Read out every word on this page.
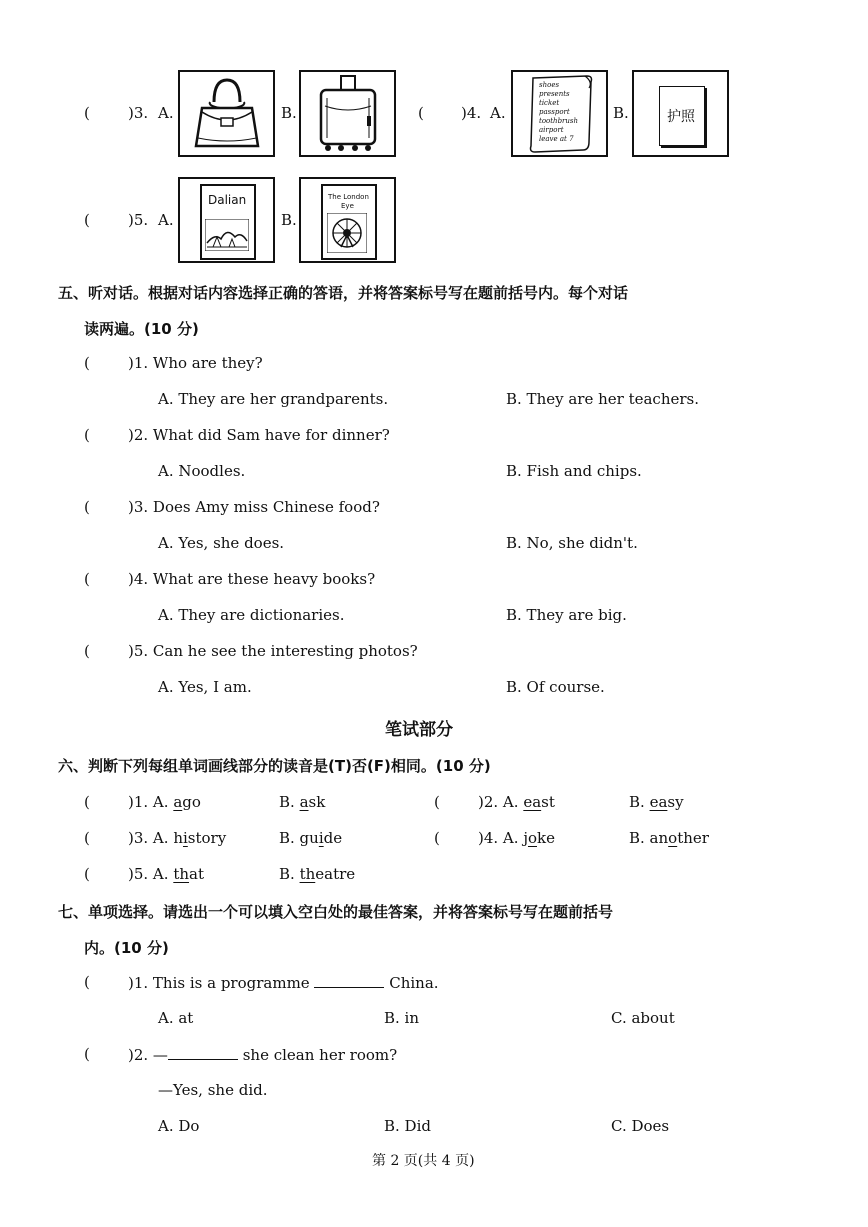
(	)3. A.	B.	( )4. A.
shoes
presents
ticket
passport
toothbrush
airport
leave at 7
B.	护照
(	)5. A.
Dalian
B.
The London
Eye
五、听对话。根据对话内容选择正确的答语，并将答案标号写在题前括号内。每个对话
读两遍。(10 分)
(	)1. Who are they?
A. They are her grandparents.	B. They are her teachers.
(	)2. What did Sam have for dinner?
A. Noodles.	B. Fish and chips.
(	)3. Does Amy miss Chinese food?
A. Yes, she does.	B. No, she didn't.
(	)4. What are these heavy books?
A. They are dictionaries.	B. They are big.
(	)5. Can he see the interesting photos?
A. Yes, I am.	B. Of course.
笔试部分
六、判断下列每组单词画线部分的读音是(T)否(F)相同。(10 分)
(	)1. A. ago	B. ask	(	)2. A. east	B. easy
(	)3. A. history	B. guide	(	)4. A. joke	B. another
(	)5. A. that	B. theatre
七、单项选择。请选出一个可以填入空白处的最佳答案，并将答案标号写在题前括号
内。(10 分)
(	)1. This is a programme	China.
A. at	B. in	C. about
(	)2. —	she clean her room?
—Yes, she did.
A. Do	B. Did	C. Does
第 2 页(共 4 页)
